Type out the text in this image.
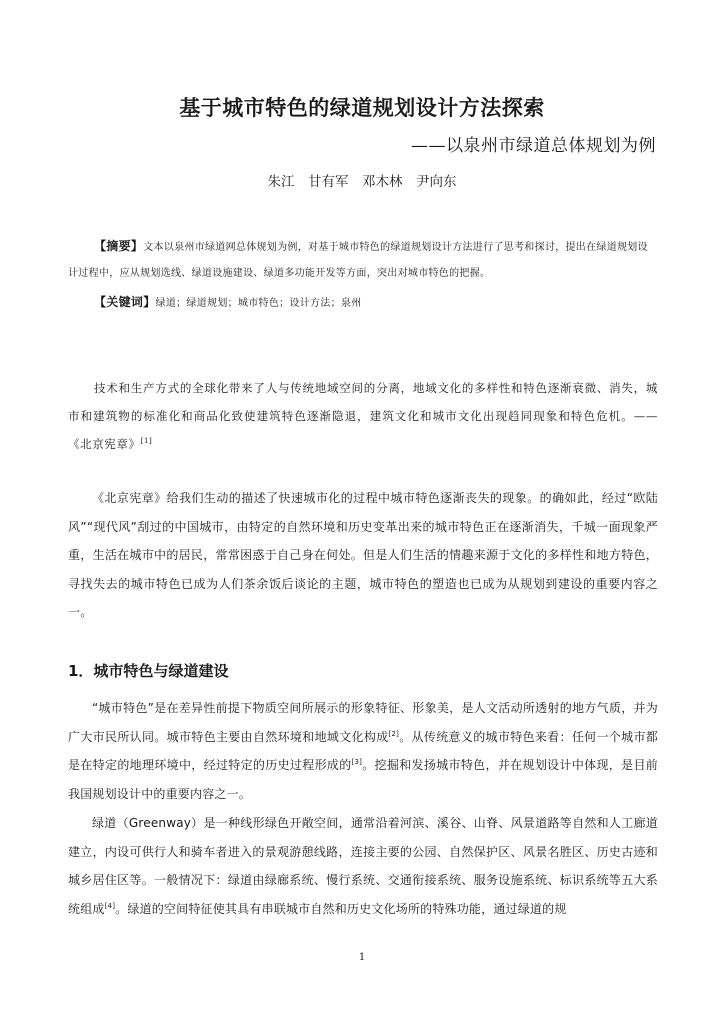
基于城市特色的绿道规划设计方法探索
——以泉州市绿道总体规划为例
朱江　甘有军　邓木林　尹向东
【摘要】文本以泉州市绿道网总体规划为例，对基于城市特色的绿道规划设计方法进行了思考和探讨，提出在绿道规划设计过程中，应从规划选线、绿道设施建设、绿道多功能开发等方面，突出对城市特色的把握。
【关键词】绿道；绿道规划；城市特色；设计方法；泉州
技术和生产方式的全球化带来了人与传统地域空间的分离，地域文化的多样性和特色逐渐衰微、消失，城市和建筑物的标准化和商品化致使建筑特色逐渐隐退，建筑文化和城市文化出现趋同现象和特色危机。——《北京宪章》[1]
《北京宪章》给我们生动的描述了快速城市化的过程中城市特色逐渐丧失的现象。的确如此，经过“欧陆风”“现代风”刮过的中国城市，由特定的自然环境和历史变革出来的城市特色正在逐渐消失，千城一面现象严重，生活在城市中的居民，常常困惑于自己身在何处。但是人们生活的情趣来源于文化的多样性和地方特色，寻找失去的城市特色已成为人们茶余饭后谈论的主题，城市特色的塑造也已成为从规划到建设的重要内容之一。
1．城市特色与绿道建设
“城市特色”是在差异性前提下物质空间所展示的形象特征、形象美，是人文活动所透射的地方气质，并为广大市民所认同。城市特色主要由自然环境和地域文化构成[2]。从传统意义的城市特色来看：任何一个城市都是在特定的地理环境中，经过特定的历史过程形成的[3]。挖掘和发扬城市特色，并在规划设计中体现，是目前我国规划设计中的重要内容之一。
绿道（Greenway）是一种线形绿色开敞空间，通常沿着河滨、溪谷、山脊、风景道路等自然和人工廊道建立，内设可供行人和骑车者进入的景观游憩线路，连接主要的公园、自然保护区、风景名胜区、历史古迹和城乡居住区等。一般情况下：绿道由绿廊系统、慢行系统、交通衔接系统、服务设施系统、标识系统等五大系统组成[4]。绿道的空间特征使其具有串联城市自然和历史文化场所的特殊功能，通过绿道的规
1
